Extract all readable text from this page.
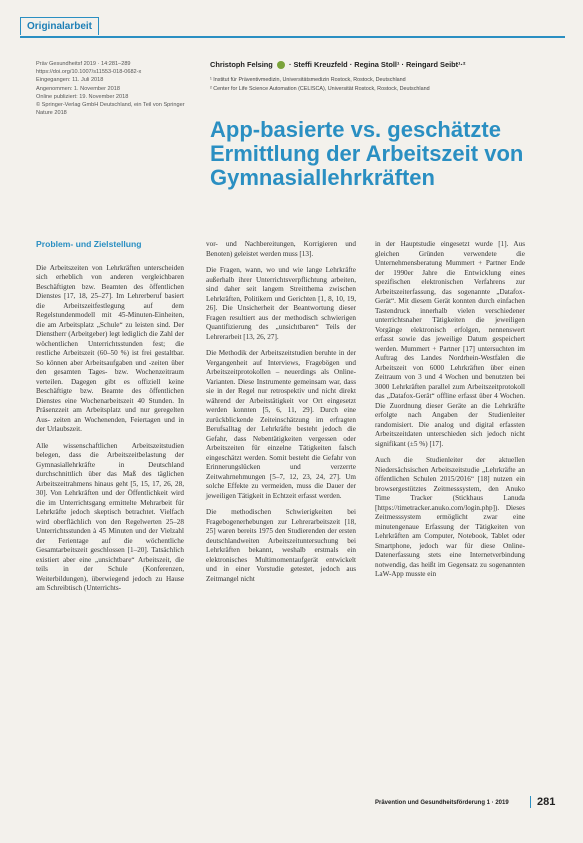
Originalarbeit
Präv Gesundheitsf 2019 · 14:281–289
https://doi.org/10.1007/s11553-018-0682-x
Eingegangen: 11. Juli 2018
Angenommen: 1. November 2018
Online publiziert: 19. November 2018
© Springer-Verlag GmbH Deutschland, ein Teil von Springer Nature 2018
Christoph Felsing · Steffi Kreuzfeld · Regina Stoll¹ · Reingard Seibt¹·²
¹ Institut für Präventivmedizin, Universitätsmedizin Rostock, Rostock, Deutschland
² Center for Life Science Automation (CELISCA), Universität Rostock, Rostock, Deutschland
App-basierte vs. geschätzte Ermittlung der Arbeitszeit von Gymnasiallehrkräften
Problem- und Zielstellung

Die Arbeitszeiten von Lehrkräften unterscheiden sich erheblich von anderen vergleichbaren Beschäftigten bzw. Beamten des öffentlichen Dienstes [17, 18, 25–27]. Im Lehrerberuf basiert die Arbeitszeitfestlegung auf dem Regelstundenmodell mit 45-Minuten-Einheiten, die am Arbeitsplatz „Schule“ zu leisten sind. Der Dienstherr (Arbeitgeber) legt lediglich die Zahl der wöchentlichen Unterrichtsstunden fest; die restliche Arbeitszeit (60–50 %) ist frei gestaltbar. So können aber Arbeitsaufgaben und -zeiten über den gesamten Tages- bzw. Wochenzeitraum verteilen. Dagegen gibt es offiziell keine Beschäftigte bzw. Beamte des öffentlichen Dienstes eine Wochenarbeitszeit 40 Stunden. In Präsenzzeit am Arbeitsplatz und nur geregelten Aus- zeiten an Wochenenden, Feiertagen und in der Urlaubszeit.

Alle wissenschaftlichen Arbeitszeitstudien belegen, dass die Arbeitszeitbelastung der Gymnasiallehrkräfte in Deutschland durchschnittlich über das Maß des täglichen Arbeitszeitrahmens hinaus geht [5, 15, 17, 26, 28, 30]. Von Lehrkräften und der Öffentlichkeit wird die im Unterrichtsgang ermittelte Mehrarbeit für Lehrkräfte jedoch skeptisch betrachtet. Vielfach wird oberflächlich von den Regelwerten 25–28 Unterrichtsstunden à 45 Minuten und der Vielzahl der Ferientage auf die wöchentliche Gesamtarbeitszeit geschlossen [1–20]. Tatsächlich existiert aber eine „unsichtbare“ Arbeitszeit, die teils in der Schule (Konferenzen, Weiterbildungen), überwiegend jedoch zu Hause am Schreibtisch (Unterrichts-

vor- und Nachbereitungen, Korrigieren und Benoten) geleistet werden muss [13].

Die Fragen, wann, wo und wie lange Lehrkräfte außerhalb ihrer Unterrichtsverpflichtung arbeiten, sind daher seit langem Streitthema zwischen Lehrkräften, Politikern und Gerichten [1, 8, 10, 19, 26]. Die Unsicherheit der Beantwortung dieser Fragen resultiert aus der methodisch schwierigen Quantifizierung des „unsichtbaren“ Teils der Lehrerarbeit [13, 26, 27].

Die Methodik der Arbeitszeitstudien beruhte in der Vergangenheit auf Interviews, Fragebögen und Arbeitszeitprotokollen – neuerdings als Online-Varianten. Diese Instrumente gemeinsam war, dass sie in der Regel nur retrospektiv und nicht direkt während der Arbeitstätigkeit vor Ort eingesetzt werden konnten [5, 6, 11, 29]. Durch eine zurückblickende Zeiteinschätzung im erfragten Berufsalltag der Lehrkräfte besteht jedoch die Gefahr, dass Nebentätigkeiten vergessen oder Arbeitszeiten für einzelne Tätigkeiten falsch eingeschätzt werden. Somit besteht die Gefahr von Erinnerungslücken und verzerrte Zeitwahrnehmungen [5–7, 12, 23, 24, 27]. Um solche Effekte zu vermeiden, muss die Dauer der jeweiligen Tätigkeit in Echtzeit erfasst werden.

Die methodischen Schwierigkeiten bei Fragebogenerhebungen zur Lehrerarbeitszeit [18, 25] waren bereits 1975 den Studierenden der ersten deutschlandweiten Arbeitszeituntersuchung bei Lehrkräften bekannt, weshalb erstmals ein elektronisches Multimomentaufgerät entwickelt und in einer Vorstudie getestet, jedoch aus Zeitmangel nicht

in der Hauptstudie eingesetzt wurde [1]. Aus gleichen Gründen verwendete die Unternehmensberatung Mummert + Partner Ende der 1990er Jahre die Entwicklung eines spezifischen elektronischen Verfahrens zur Arbeitszeiterfassung, das sogenannte „Datafox-Gerät“. Mit diesem Gerät konnten durch einfachen Tastendruck innerhalb vielen verschiedener unterrichtsnaher Tätigkeiten die jeweiligen Vorgänge elektronisch erfolgen, nennenswert erfasst sowie das jeweilige Datum gespeichert werden. Mummert + Partner [17] untersuchten im Auftrag des Landes Nordrhein-Westfalen die Arbeitszeit von 6000 Lehrkräften über einen Zeitraum von 3 und 4 Wochen und benutzten bei 3000 Lehrkräften parallel zum Arbeitszeitprotokoll das „Datafox-Gerät“ offline erfasst über 4 Wochen. Die Zuordnung dieser Geräte an die Lehrkräfte erfolgte nach Angaben der Studienleiter randomisiert. Die analog und digital erfassten Arbeitszeitdaten unterschieden sich jedoch nicht signifikant (±5 %) [17].

Auch die Studienleiter der aktuellen Niedersächsischen Arbeitszeitstudie „Lehrkräfte an öffentlichen Schulen 2015/2016“ [18] nutzen ein browsergestütztes Zeitmesssystem, den Anuko Time Tracker (Stickhaus Lanuda [https://timetracker.anuko.com/login.php]). Dieses Zeitmesssystem ermöglicht zwar eine minutengenaue Erfassung der Tätigkeiten von Lehrkräften am Computer, Notebook, Tablet oder Smartphone, jedoch war für diese Online-Datenerfassung stets eine Internetverbindung notwendig, das heißt im Gegensatz zu sogenannten LaW-App musste ein

Prävention und Gesundheitsförderung 1 · 2019	281
